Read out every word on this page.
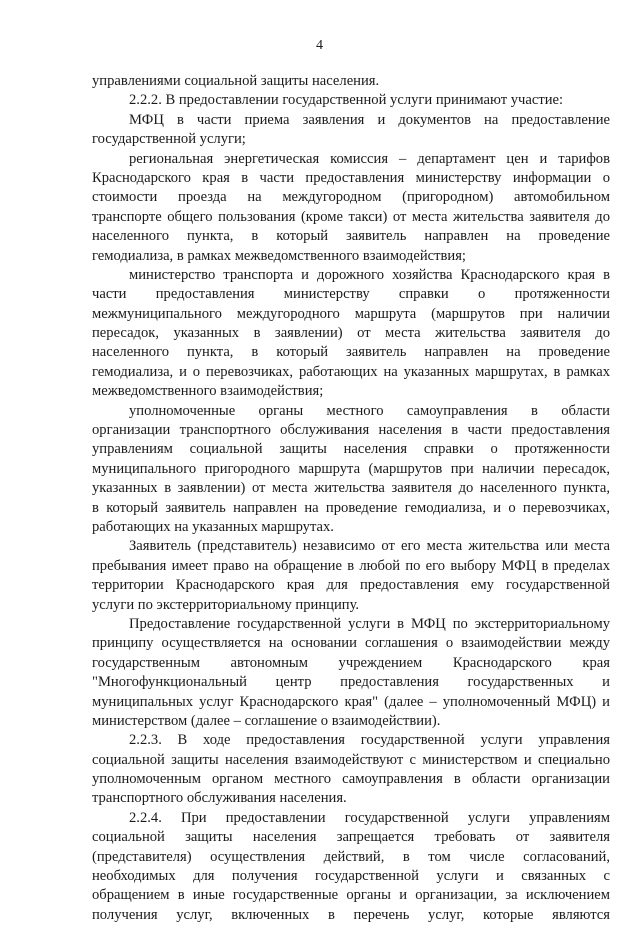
4
управлениями социальной защиты населения.
2.2.2. В предоставлении государственной услуги принимают участие:
МФЦ в части приема заявления и документов на предоставление
государственной услуги;
региональная энергетическая комиссия – департамент цен и тарифов
Краснодарского края в части предоставления министерству информации о
стоимости проезда на междугородном (пригородном) автомобильном
транспорте общего пользования (кроме такси) от места жительства заявителя до
населенного пункта, в который заявитель направлен на проведение
гемодиализа, в рамках межведомственного взаимодействия;
министерство транспорта и дорожного хозяйства Краснодарского края в
части предоставления министерству справки о протяженности
межмуниципального междугородного маршрута (маршрутов при наличии
пересадок, указанных в заявлении) от места жительства заявителя до
населенного пункта, в который заявитель направлен на проведение
гемодиализа, и о перевозчиках, работающих на указанных маршрутах, в рамках
межведомственного взаимодействия;
уполномоченные органы местного самоуправления в области
организации транспортного обслуживания населения в части предоставления
управлениям социальной защиты населения справки о протяженности
муниципального пригородного маршрута (маршрутов при наличии пересадок,
указанных в заявлении) от места жительства заявителя до населенного пункта,
в который заявитель направлен на проведение гемодиализа, и о перевозчиках,
работающих на указанных маршрутах.
Заявитель (представитель) независимо от его места жительства или места
пребывания имеет право на обращение в любой по его выбору МФЦ в пределах
территории Краснодарского края для предоставления ему государственной
услуги по экстерриториальному принципу.
Предоставление государственной услуги в МФЦ по экстерриториальному
принципу осуществляется на основании соглашения о взаимодействии между
государственным автономным учреждением Краснодарского края
"Многофункциональный центр предоставления государственных и
муниципальных услуг Краснодарского края" (далее – уполномоченный МФЦ) и
министерством (далее – соглашение о взаимодействии).
2.2.3. В ходе предоставления государственной услуги управления
социальной защиты населения взаимодействуют с министерством и специально
уполномоченным органом местного самоуправления в области организации
транспортного обслуживания населения.
2.2.4. При предоставлении государственной услуги управлениям
социальной защиты населения запрещается требовать от заявителя
(представителя) осуществления действий, в том числе согласований,
необходимых для получения государственной услуги и связанных с
обращением в иные государственные органы и организации, за исключением
получения услуг, включенных в перечень услуг, которые являются
